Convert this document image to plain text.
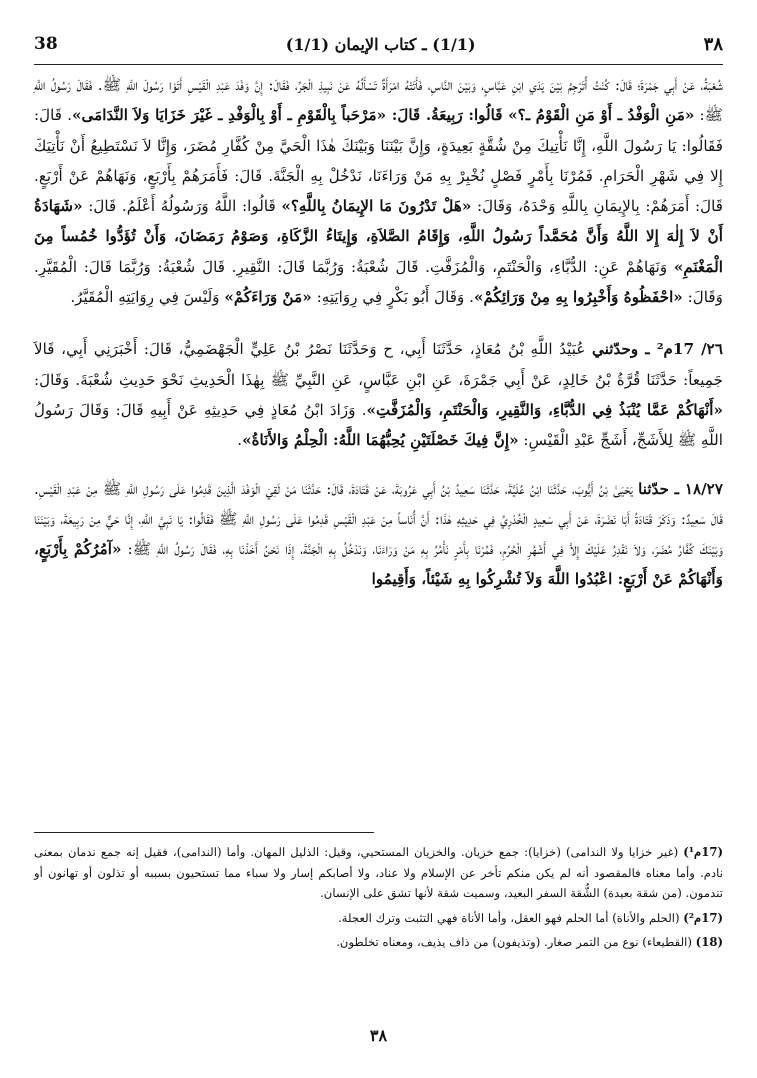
38	(1/1) ـ كتاب الإيمان (1/1)	٣٨

شُعْبَةُ، عَنْ أَبِي جَمْرَةَ؛ قَالَ: كُنْتُ أُتَرْجِمُ بَيْنَ يَدَي ابْنِ عَبَّاسٍ، وَبَيْنَ النَّاسِ، فَأَتَتْهُ امْرَأَةٌ تَسْأَلُهُ عَنْ نَبِيذِ الْجَرِّ، فَقَالَ: إِنَّ وَفْدَ عَبْدِ الْقَيْسِ أَتَوْا رَسُولَ اللَّهِ ﷺ. فَقَالَ رَسُولُ اللَّهِ ﷺ: «مَنِ الْوَفْدُ ـ أَوْ مَنِ الْقَوْمُ ـ؟» قَالُوا: رَبِيعَةُ. قَالَ: «مَرْحَباً بِالْقَوْمِ ـ أَوْ بِالْوَفْدِ ـ غَيْرَ خَزَايَا وَلاَ النَّدَامَى». قَالَ: فَقَالُوا: يَا رَسُولَ اللَّهِ، إِنَّا نَأْتِيكَ مِنْ شُقَّةٍ بَعِيدَةٍ، وَإِنَّ بَيْنَنَا وَبَيْنَكَ هٰذَا الْحَيَّ مِنْ كُفَّارِ مُضَرَ، وَإِنَّا لاَ نَسْتَطِيعُ أَنْ نَأْتِيَكَ إِلا فِي شَهْرِ الْحَرَامِ. فَمُرْنَا بِأَمْرٍ فَصْلٍ نُخْبِرْ بِهِ مَنْ وَرَاءَنَا، نَدْخُلْ بِهِ الْجَنَّةَ. قَالَ: فَأَمَرَهُمْ بِأَرْبَعٍ، وَنَهَاهُمْ عَنْ أَرْبَعٍ. قَالَ: أَمَرَهُمْ: بِالإِيمَانِ بِاللَّهِ وَحْدَهُ، وَقَالَ: «هَلْ تَدْرُونَ مَا الإِيمَانُ بِاللَّهِ؟» قَالُوا: اللَّهُ وَرَسُولُهُ أَعْلَمُ. قَالَ: «شَهَادَةُ أَنْ لاَ إِلٰهَ إِلا اللَّهُ وَأَنَّ مُحَمَّداً رَسُولُ اللَّهِ، وَإِقَامُ الصَّلاَةِ، وَإِيتَاءُ الزَّكَاةِ، وَصَوْمُ رَمَضَانَ، وَأَنْ تُؤَدُّوا خُمُساً مِنَ الْمَغْنَمِ» وَنَهَاهُمْ عَنِ: الدُّبَّاءِ، وَالْحَنْتَمِ، وَالْمُزَفَّتِ. قَالَ شُعْبَةُ: وَرُبَّمَا قَالَ: النَّقِيرِ. قَالَ شُعْبَةُ: وَرُبَّمَا قَالَ: الْمُقَيَّرِ. وَقَالَ: «احْفَظُوهُ وَأَخْبِرُوا بِهِ مِنْ وَرَائِكُمْ». وَقَالَ أَبُو بَكْرٍ فِي رِوَايَتِهِ: «مَنْ وَرَاءَكُمْ» وَلَيْسَ فِي رِوَايَتِهِ الْمُقَيَّرُ.

٢٦/ 17م² ـ وحدّثني عُبَيْدُ اللَّهِ بْنُ مُعَاذٍ، حَدَّثَنَا أَبِي، ح وَحَدَّثَنَا نَصْرُ بْنُ عَلِيٍّ الْجَهْضَمِيُّ، قَالَ: أَخْبَرَنِي أَبِي، قَالاَ جَمِيعاً: حَدَّثَنَا قُرَّةُ بْنُ خَالِدٍ، عَنْ أَبِي جَمْرَةَ، عَنِ ابْنِ عَبَّاسٍ، عَنِ النَّبِيِّ ﷺ بِهٰذَا الْحَدِيثِ نَحْوَ حَدِيثِ شُعْبَةَ. وَقَالَ: «أَنْهَاكُمْ عَمَّا يُنْبَذُ فِي الدُّبَّاءِ، وَالنَّقِيرِ، وَالْحَنْتَمِ، وَالْمُزَفَّتِ». وَزَادَ ابْنُ مُعَاذٍ فِي حَدِيثِهِ عَنْ أَبِيهِ قَالَ: وَقَالَ رَسُولُ اللَّهِ ﷺ لِلأَشَجِّ، أَشَجِّ عَبْدِ الْقَيْسِ: «إِنَّ فِيكَ خَصْلَتَيْنِ يُحِبُّهُمَا اللَّهُ: الْحِلْمُ وَالأَنَاةُ».

١٨/٢٧ ـ حدّثنا يَحْيَىٰ بْنُ أَيُّوبَ، حَدَّثَنَا ابْنُ عُلَيَّةَ، حَدَّثَنَا سَعِيدُ بْنُ أَبِي عَرُوبَةَ، عَنْ قَتَادَةَ، قَالَ: حَدَّثَنَا مَنْ لَقِيَ الْوَفْدَ الَّذِينَ قَدِمُوا عَلَى رَسُولِ اللَّهِ ﷺ مِنْ عَبْدِ الْقَيْسِ. قَالَ سَعِيدٌ: وَذَكَرَ قَتَادَةُ أَبَا نَضْرَةَ، عَنْ أَبِي سَعِيدٍ الْخُدْرِيِّ فِي حَدِيثِهِ هٰذَا: أَنَّ أُنَاساً مِنْ عَبْدِ الْقَيْسِ قَدِمُوا عَلَى رَسُولِ اللَّهِ ﷺ فَقَالُوا: يَا نَبِيَّ اللَّهِ، إِنَّا حَيٌّ مِنْ رَبِيعَةَ، وَبَيْنَنَا وَبَيْنَكَ كُفَّارُ مُضَرَ، وَلاَ نَقْدِرُ عَلَيْكَ إِلاَّ فِي أَشْهُرِ الْحُرُمِ، فَمُرْنَا بِأَمْرٍ نَأْمُرُ بِهِ مَنْ وَرَاءَنَا، وَنَدْخُلُ بِهِ الْجَنَّةَ، إِذَا نَحْنُ أَخَذْنَا بِهِ، فَقَالَ رَسُولُ اللَّهِ ﷺ: «آمُرُكُمْ بِأَرْبَعٍ، وَأَنْهَاكُمْ عَنْ أَرْبَعٍ: اعْبُدُوا اللَّهَ وَلاَ تُشْرِكُوا بِهِ شَيْئاً، وَأَقِيمُوا

(17م¹) (غير خزايا ولا الندامى) (خزايا): جمع خزيان. والخزيان المستحيي، وقيل: الذليل المهان. وأما (الندامى)، فقيل إنه جمع ندمان بمعنى نادم. وأما معناه فالمقصود أنه لم يكن منكم تأخر عن الإسلام ولا عناد، ولا أصابكم إسار ولا سباء مما تستحيون بسببه أو تذلون أو تهانون أو تندمون. (من شقة بعيدة) الشُّقة السفر البعيد، وسميت شقة لأنها تشق على الإنسان.

(17م²) (الحلم والأناة) أما الحلم فهو العقل، وأما الأناة فهي التثبت وترك العجلة.

(18) (القطيعاء) نوع من التمر صغار. (وتذيفون) من ذاف يذيف، ومعناه تخلطون.

٣٨
